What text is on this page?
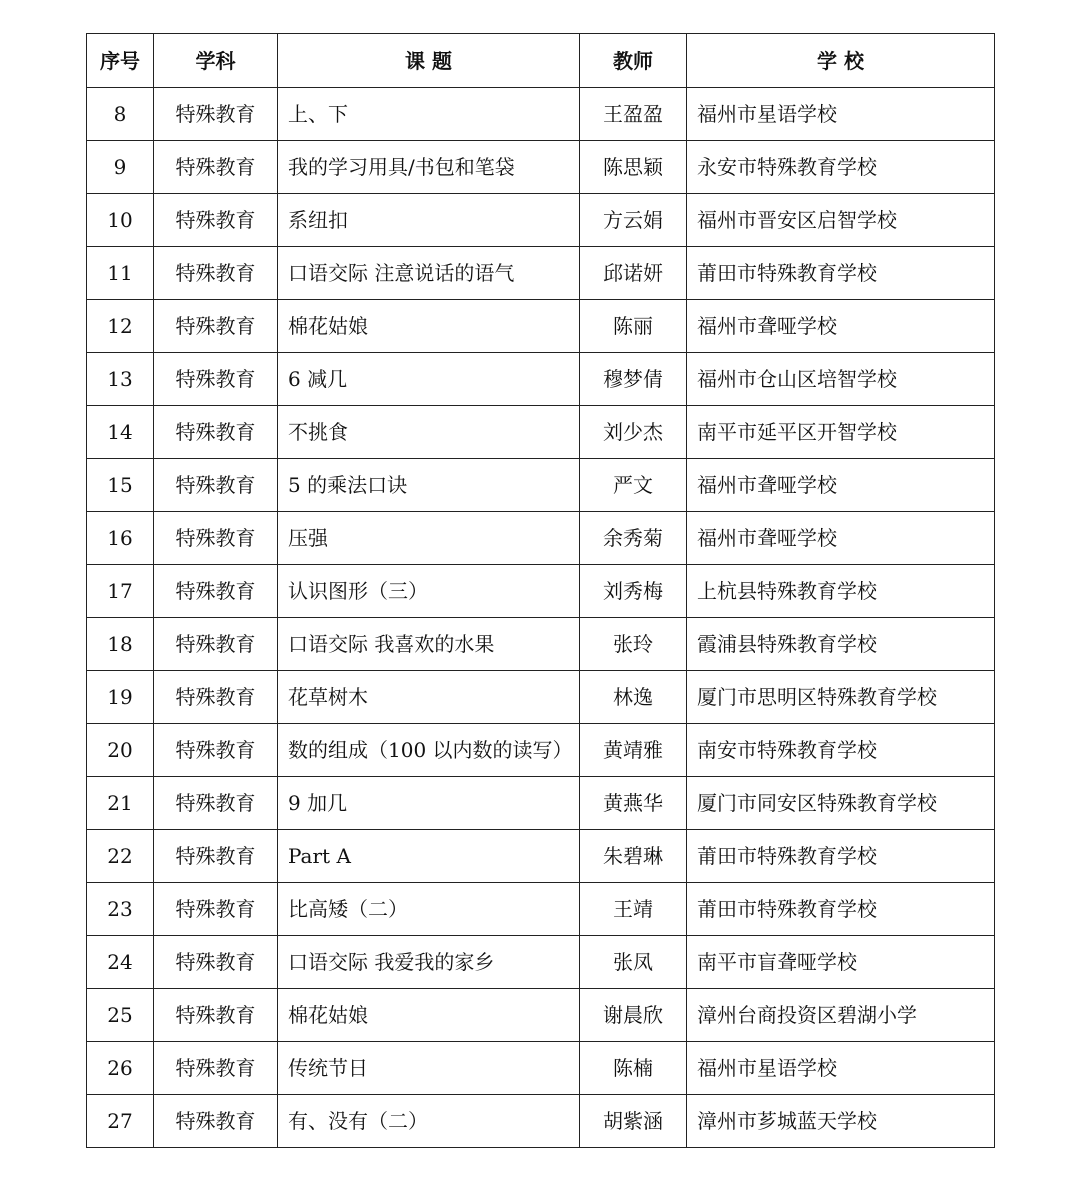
序号	学科	课 题	教师	学 校
8	特殊教育	上、下	王盈盈	福州市星语学校
9	特殊教育	我的学习用具/书包和笔袋	陈思颖	永安市特殊教育学校
10	特殊教育	系纽扣	方云娟	福州市晋安区启智学校
11	特殊教育	口语交际 注意说话的语气	邱诺妍	莆田市特殊教育学校
12	特殊教育	棉花姑娘	陈丽	福州市聋哑学校
13	特殊教育	6 减几	穆梦倩	福州市仓山区培智学校
14	特殊教育	不挑食	刘少杰	南平市延平区开智学校
15	特殊教育	5 的乘法口诀	严文	福州市聋哑学校
16	特殊教育	压强	余秀菊	福州市聋哑学校
17	特殊教育	认识图形（三）	刘秀梅	上杭县特殊教育学校
18	特殊教育	口语交际 我喜欢的水果	张玲	霞浦县特殊教育学校
19	特殊教育	花草树木	林逸	厦门市思明区特殊教育学校
20	特殊教育	数的组成（100 以内数的读写）	黄靖雅	南安市特殊教育学校
21	特殊教育	9 加几	黄燕华	厦门市同安区特殊教育学校
22	特殊教育	Part A	朱碧琳	莆田市特殊教育学校
23	特殊教育	比高矮（二）	王靖	莆田市特殊教育学校
24	特殊教育	口语交际 我爱我的家乡	张凤	南平市盲聋哑学校
25	特殊教育	棉花姑娘	谢晨欣	漳州台商投资区碧湖小学
26	特殊教育	传统节日	陈楠	福州市星语学校
27	特殊教育	有、没有（二）	胡紫涵	漳州市芗城蓝天学校
